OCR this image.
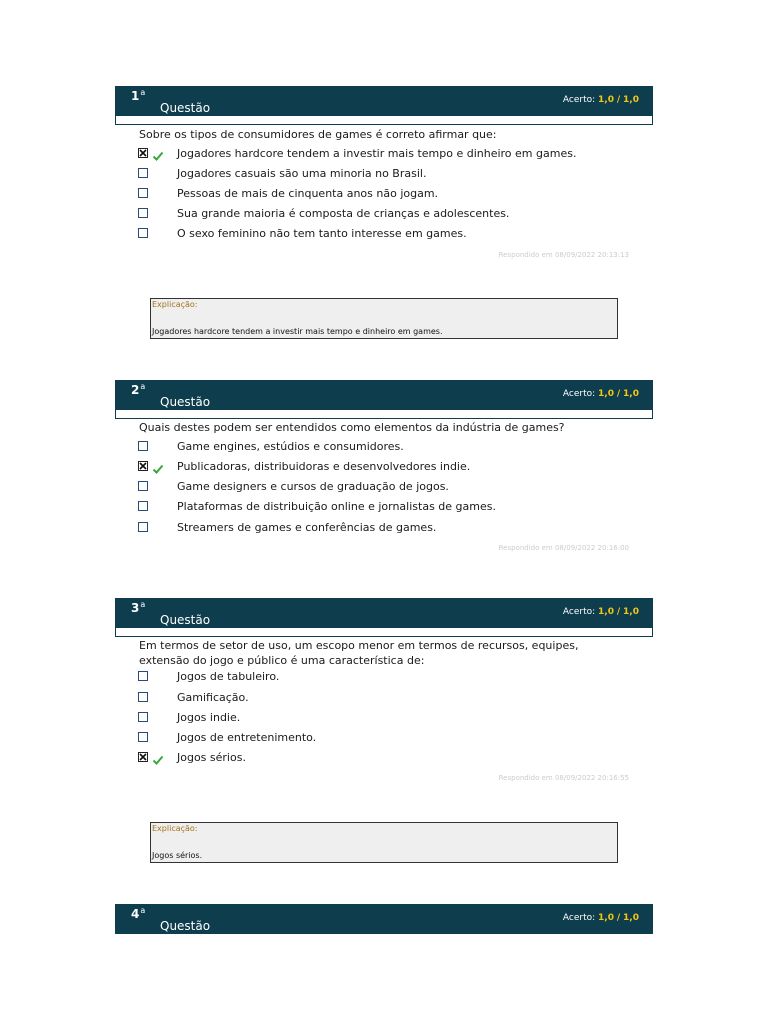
1$^a$
Questão
Acerto: 1,0 / 1,0
Sobre os tipos de consumidores de games é correto afirmar que:
Jogadores hardcore tendem a investir mais tempo e dinheiro em games.
Jogadores casuais são uma minoria no Brasil.
Pessoas de mais de cinquenta anos não jogam.
Sua grande maioria é composta de crianças e adolescentes.
O sexo feminino não tem tanto interesse em games.
Respondido em 08/09/2022 20:13:13
Explicação:
Jogadores hardcore tendem a investir mais tempo e dinheiro em games.
2$^a$
Questão
Acerto: 1,0 / 1,0
Quais destes podem ser entendidos como elementos da indústria de games?
Game engines, estúdios e consumidores.
Publicadoras, distribuidoras e desenvolvedores indie.
Game designers e cursos de graduação de jogos.
Plataformas de distribuição online e jornalistas de games.
Streamers de games e conferências de games.
Respondido em 08/09/2022 20:16:00
3$^a$
Questão
Acerto: 1,0 / 1,0
Em termos de setor de uso, um escopo menor em termos de recursos, equipes,
extensão do jogo e público é uma característica de:
Jogos de tabuleiro.
Gamificação.
Jogos indie.
Jogos de entretenimento.
Jogos sérios.
Respondido em 08/09/2022 20:16:55
Explicação:
Jogos sérios.
4$^a$
Questão
Acerto: 1,0 / 1,0
